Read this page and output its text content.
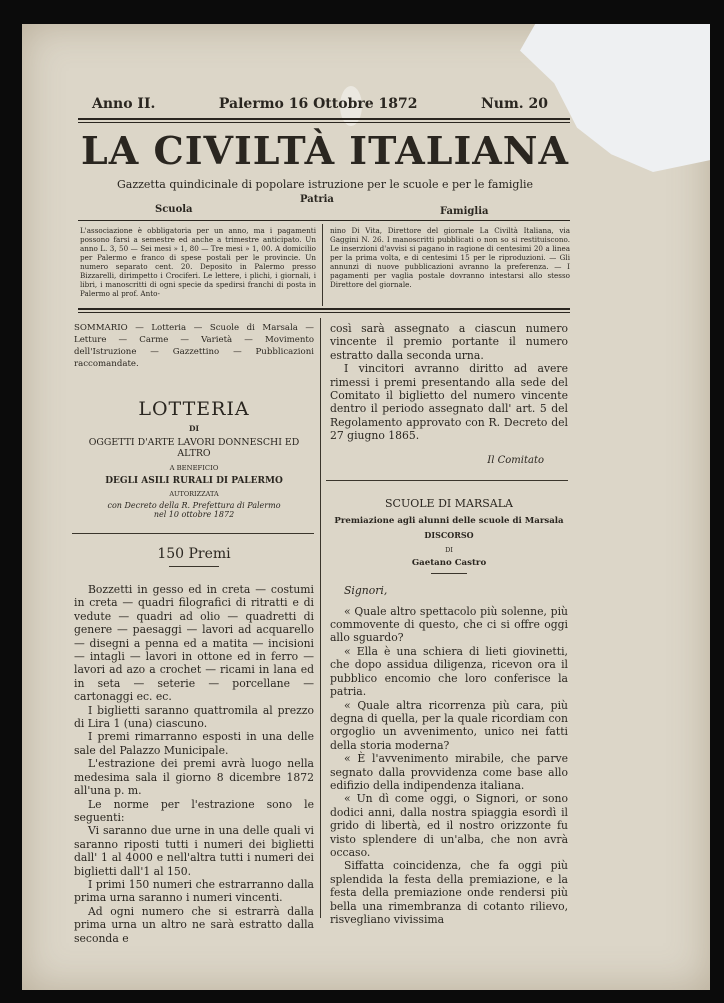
Anno II.	Palermo 16 Ottobre 1872	Num. 20
LA CIVILTÀ ITALIANA
Gazzetta quindicinale di popolare istruzione per le scuole e per le famiglie
Scuola
Patria
Famiglia
L'associazione è obbligatoria per un anno, ma i pagamenti possono farsi a semestre ed anche a trimestre anticipato. Un anno L. 3, 50 — Sei mesi » 1, 80 — Tre mesi » 1, 00. A domicilio per Palermo e franco di spese postali per le provincie. Un numero separato cent. 20. Deposito in Palermo presso Bizzarelli, dirimpetto i Crociferi. Le lettere, i plichi, i giornali, i libri, i manoscritti di ogni specie da spedirsi franchi di posta in Palermo al prof. Anto-
nino Di Vita, Direttore del giornale La Civiltà Italiana, via Gaggini N. 26. I manoscritti pubblicati o non so si restituiscono. Le inserzioni d'avvisi si pagano in ragione di centesimi 20 a linea per la prima volta, e di centesimi 15 per le riproduzioni. — Gli annunzi di nuove pubblicazioni avranno la preferenza. — I pagamenti per vaglia postale dovranno intestarsi allo stesso Direttore del giornale.
SOMMARIO — Lotteria — Scuole di Marsala — Letture — Carme — Varietà — Movimento dell'Istruzione — Gazzettino — Pubblicazioni raccomandate.
LOTTERIA
DI
OGGETTI D'ARTE LAVORI DONNESCHI ED ALTRO
A BENEFICIO
DEGLI ASILI RURALI DI PALERMO
AUTORIZZATA
con Decreto della R. Prefettura di Palermo
nel 10 ottobre 1872
150 Premi

Bozzetti in gesso ed in creta — costumi in creta — quadri filografici di ritratti e di vedute — quadri ad olio — quadretti di genere — paesaggi — lavori ad acquarello — disegni a penna ed a matita — incisioni — intagli — lavori in ottone ed in ferro — lavori ad azo a crochet — ricami in lana ed in seta — seterie — porcellane — cartonaggi ec. ec.

I biglietti saranno quattromila al prezzo di Lira 1 (una) ciascuno.

I premi rimarranno esposti in una delle sale del Palazzo Municipale.

L'estrazione dei premi avrà luogo nella medesima sala il giorno 8 dicembre 1872 all'una p. m.

Le norme per l'estrazione sono le seguenti:

Vi saranno due urne in una delle quali vi saranno riposti tutti i numeri dei biglietti dall' 1 al 4000 e nell'altra tutti i numeri dei biglietti dall'1 al 150.

I primi 150 numeri che estrarranno dalla prima urna saranno i numeri vincenti.

Ad ogni numero che si estrarrà dalla prima urna un altro ne sarà estratto dalla seconda e

così sarà assegnato a ciascun numero vincente il premio portante il numero estratto dalla seconda urna.

I vincitori avranno diritto ad avere rimessi i premi presentando alla sede del Comitato il biglietto del numero vincente dentro il periodo assegnato dall' art. 5 del Regolamento approvato con R. Decreto del 27 giugno 1865.

Il Comitato
SCUOLE DI MARSALA
Premiazione agli alunni delle scuole di Marsala
DISCORSO
DI
Gaetano Castro
Signori,

« Quale altro spettacolo più solenne, più commovente di questo, che ci si offre oggi allo sguardo?

« Ella è una schiera di lieti giovinetti, che dopo assidua diligenza, ricevon ora il pubblico encomio che loro conferisce la patria.

« Quale altra ricorrenza più cara, più degna di quella, per la quale ricordiam con orgoglio un avvenimento, unico nei fatti della storia moderna?

« È l'avvenimento mirabile, che parve segnato dalla provvidenza come base allo edifizio della indipendenza italiana.

« Un dì come oggi, o Signori, or sono dodici anni, dalla nostra spiaggia esordì il grido di libertà, ed il nostro orizzonte fu visto splendere di un'alba, che non avrà occaso.

Siffatta coincidenza, che fa oggi più splendida la festa della premiazione, e la festa della premiazione onde rendersi più bella una rimembranza di cotanto rilievo, risvegliano vivissima
